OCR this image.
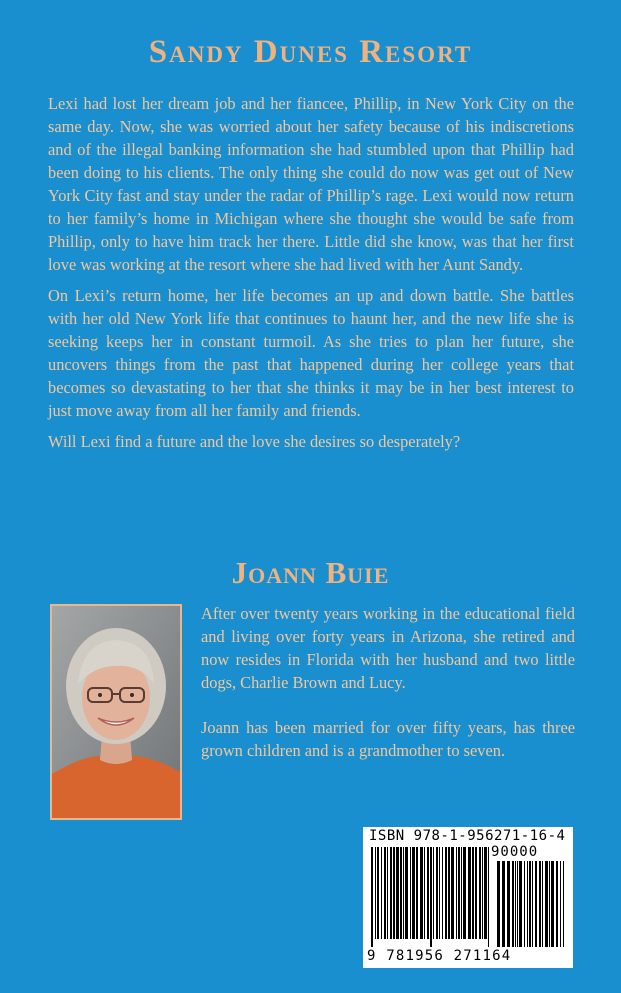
Sandy Dunes Resort

Lexi had lost her dream job and her fiancee, Phillip, in New York City on the same day. Now, she was worried about her safety because of his indiscretions and of the illegal banking information she had stumbled upon that Phillip had been doing to his clients. The only thing she could do now was get out of New York City fast and stay under the radar of Phillip’s rage. Lexi would now return to her family’s home in Michigan where she thought she would be safe from Phillip, only to have him track her there. Little did she know, was that her first love was working at the resort where she had lived with her Aunt Sandy.

On Lexi’s return home, her life becomes an up and down battle. She battles with her old New York life that continues to haunt her, and the new life she is seeking keeps her in constant turmoil. As she tries to plan her future, she uncovers things from the past that happened during her college years that becomes so devastating to her that she thinks it may be in her best interest to just move away from all her family and friends.

Will Lexi find a future and the love she desires so desperately?

Joann Buie

After over twenty years working in the educational field and living over forty years in Arizona, she retired and now resides in Florida with her husband and two little dogs, Charlie Brown and Lucy.

Joann has been married for over fifty years, has three grown children and is a grandmother to seven.

ISBN 978-1-956271-16-4
90000
9 781956 271164
